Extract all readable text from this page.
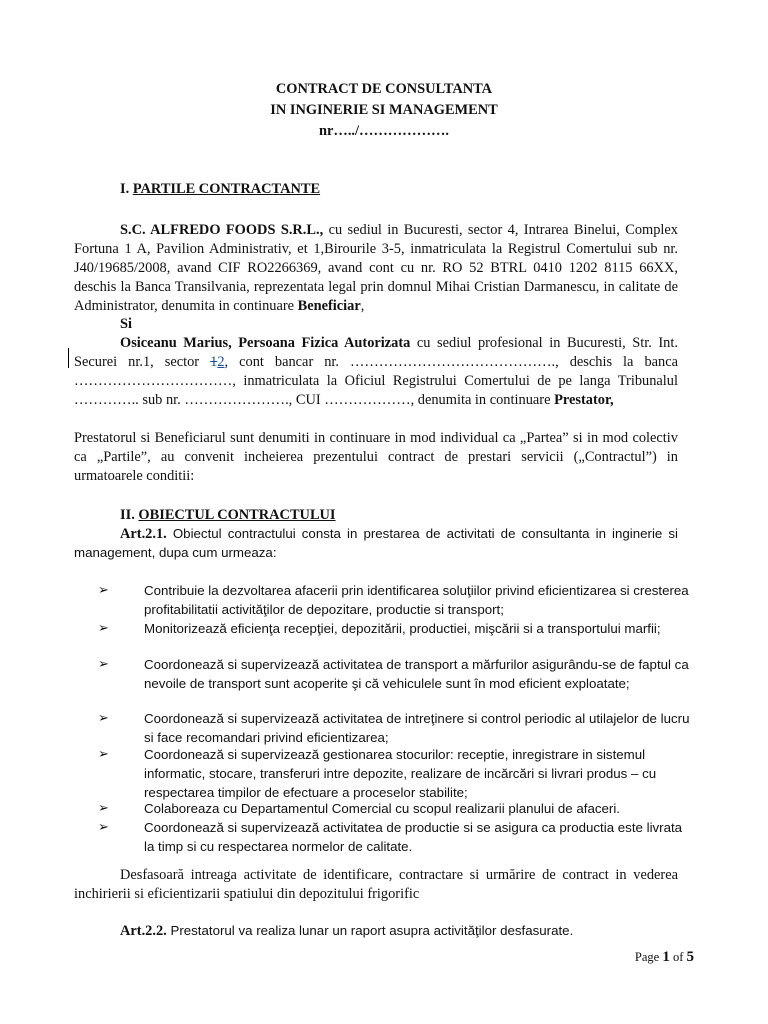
CONTRACT DE CONSULTANTA
IN INGINERIE SI MANAGEMENT
nr…../……………….
I. PARTILE CONTRACTANTE
S.C. ALFREDO FOODS S.R.L., cu sediul in Bucuresti, sector 4, Intrarea Binelui, Complex Fortuna 1 A, Pavilion Administrativ, et 1,Birourile 3-5, inmatriculata la Registrul Comertului sub nr. J40/19685/2008, avand CIF RO2266369, avand cont cu nr. RO 52 BTRL 0410 1202 8115 66XX, deschis la Banca Transilvania, reprezentata legal prin domnul Mihai Cristian Darmanescu, in calitate de Administrator, denumita in continuare Beneficiar,
Si
Osiceanu Marius, Persoana Fizica Autorizata cu sediul profesional in Bucuresti, Str. Int. Securei nr.1, sector 12, cont bancar nr. ……………………………………., deschis la banca ……………………………, inmatriculata la Oficiul Registrului Comertului de pe langa Tribunalul ………….. sub nr. …………………., CUI ………………, denumita in continuare Prestator,
Prestatorul si Beneficiarul sunt denumiti in continuare in mod individual ca „Partea” si in mod colectiv ca „Partile”, au convenit incheierea prezentului contract de prestari servicii („Contractul”) in urmatoarele conditii:
II. OBIECTUL CONTRACTULUI
Art.2.1. Obiectul contractului consta in prestarea de activitati de consultanta in inginerie si management, dupa cum urmeaza:
➢	Contribuie la dezvoltarea afacerii prin identificarea soluţiilor privind eficientizarea si cresterea profitabilitatii activităţilor de depozitare, productie si transport;
➢	Monitorizează eficienţa recepţiei, depozitării, productiei, mişcării si a transportului marfii;
➢	Coordonează si supervizează activitatea de transport a mărfurilor asigurându-se de faptul ca nevoile de transport sunt acoperite şi că vehiculele sunt în mod eficient exploatate;
➢	Coordonează si supervizează activitatea de intreţinere si control periodic al utilajelor de lucru si face recomandari privind eficientizarea;
➢	Coordonează si supervizează gestionarea stocurilor: receptie, inregistrare in sistemul informatic, stocare, transferuri intre depozite, realizare de incărcări si livrari produs – cu respectarea timpilor de efectuare a proceselor stabilite;
➢	Colaboreaza cu Departamentul Comercial cu scopul realizarii planului de afaceri.
➢	Coordonează si supervizează activitatea de productie si se asigura ca productia este livrata la timp si cu respectarea normelor de calitate.
Desfasoară intreaga activitate de identificare, contractare si urmărire de contract in vederea inchirierii si eficientizarii spatiului din depozitului frigorific
Art.2.2. Prestatorul va realiza lunar un raport asupra activităţilor desfasurate.
Page 1 of 5
